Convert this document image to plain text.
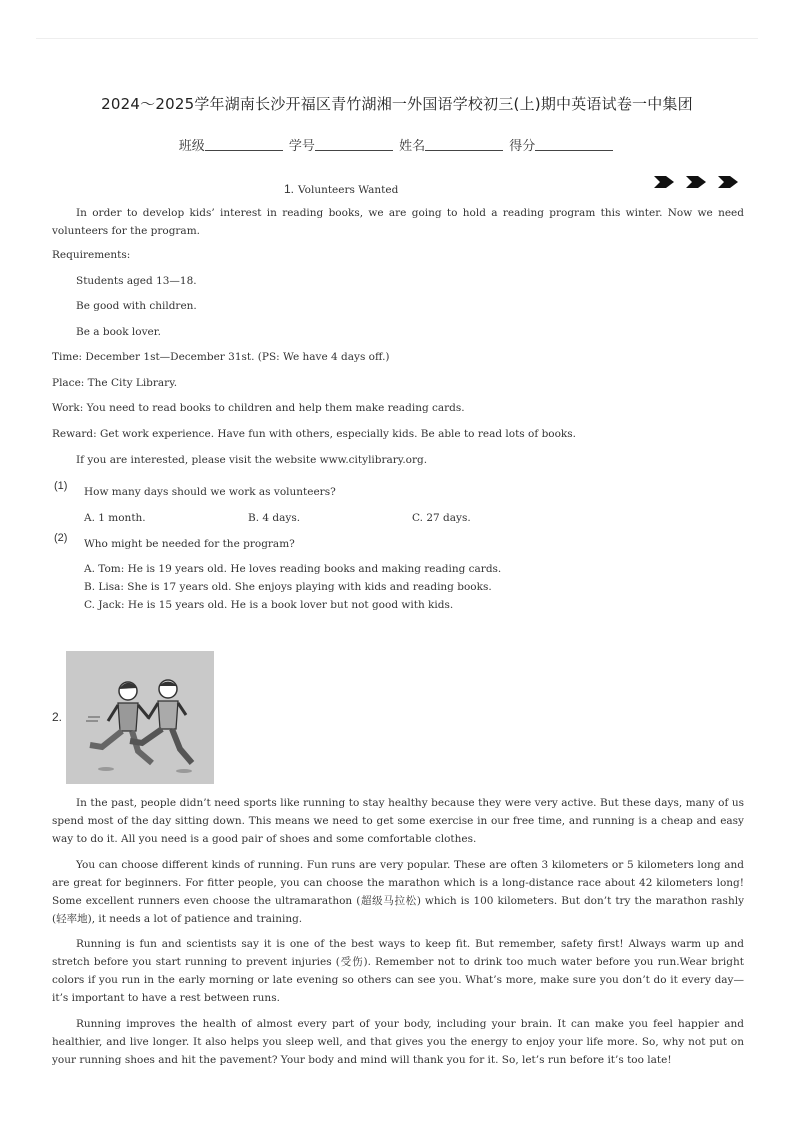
2024～2025学年湖南长沙开福区青竹湖湘一外国语学校初三(上)期中英语试卷一中集团
班级	学号	姓名	得分
1. Volunteers Wanted
In order to develop kids’ interest in reading books, we are going to hold a reading program this winter. Now we need volunteers for the program.
Requirements:
Students aged 13—18.
Be good with children.
Be a book lover.
Time: December 1st—December 31st. (PS: We have 4 days off.)
Place: The City Library.
Work: You need to read books to children and help them make reading cards.
Reward: Get work experience. Have fun with others, especially kids. Be able to read lots of books.
If you are interested, please visit the website www.citylibrary.org.
(1) How many days should we work as volunteers?
A. 1 month.	B. 4 days.	C. 27 days.
(2) Who might be needed for the program?
A. Tom: He is 19 years old. He loves reading books and making reading cards.
B. Lisa: She is 17 years old. She enjoys playing with kids and reading books.
C. Jack: He is 15 years old. He is a book lover but not good with kids.
2.
In the past, people didn’t need sports like running to stay healthy because they were very active. But these days, many of us spend most of the day sitting down. This means we need to get some exercise in our free time, and running is a cheap and easy way to do it. All you need is a good pair of shoes and some comfortable clothes.
You can choose different kinds of running. Fun runs are very popular. These are often 3 kilometers or 5 kilometers long and are great for beginners. For fitter people, you can choose the marathon which is a long-distance race about 42 kilometers long! Some excellent runners even choose the ultramarathon (超级马拉松) which is 100 kilometers. But don’t try the marathon rashly (轻率地), it needs a lot of patience and training.
Running is fun and scientists say it is one of the best ways to keep fit. But remember, safety first! Always warm up and stretch before you start running to prevent injuries (受伤). Remember not to drink too much water before you run.Wear bright colors if you run in the early morning or late evening so others can see you. What’s more, make sure you don’t do it every day—it’s important to have a rest between runs.
Running improves the health of almost every part of your body, including your brain. It can make you feel happier and healthier, and live longer. It also helps you sleep well, and that gives you the energy to enjoy your life more. So, why not put on your running shoes and hit the pavement? Your body and mind will thank you for it. So, let’s run before it’s too late!
